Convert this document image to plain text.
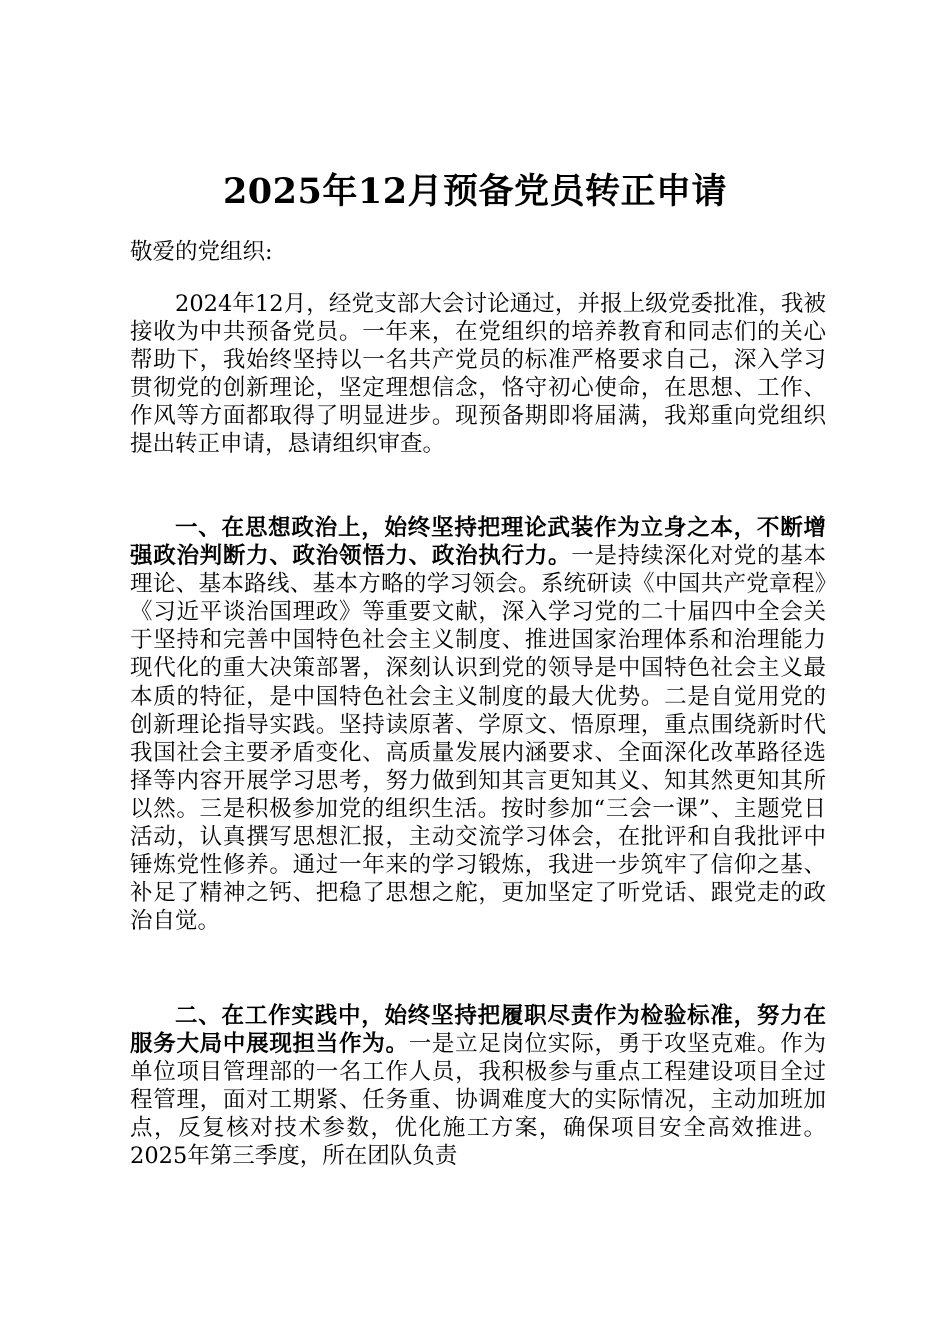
2025年12月预备党员转正申请
敬爱的党组织:

2024年12月，经党支部大会讨论通过，并报上级党委批准，我被接收为中共预备党员。一年来，在党组织的培养教育和同志们的关心帮助下，我始终坚持以一名共产党员的标准严格要求自己，深入学习贯彻党的创新理论，坚定理想信念，恪守初心使命，在思想、工作、作风等方面都取得了明显进步。现预备期即将届满，我郑重向党组织提出转正申请，恳请组织审查。

一、在思想政治上，始终坚持把理论武装作为立身之本，不断增强政治判断力、政治领悟力、政治执行力。一是持续深化对党的基本理论、基本路线、基本方略的学习领会。系统研读《中国共产党章程》《习近平谈治国理政》等重要文献，深入学习党的二十届四中全会关于坚持和完善中国特色社会主义制度、推进国家治理体系和治理能力现代化的重大决策部署，深刻认识到党的领导是中国特色社会主义最本质的特征，是中国特色社会主义制度的最大优势。二是自觉用党的创新理论指导实践。坚持读原著、学原文、悟原理，重点围绕新时代我国社会主要矛盾变化、高质量发展内涵要求、全面深化改革路径选择等内容开展学习思考，努力做到知其言更知其义、知其然更知其所以然。三是积极参加党的组织生活。按时参加“三会一课”、主题党日活动，认真撰写思想汇报，主动交流学习体会，在批评和自我批评中锤炼党性修养。通过一年来的学习锻炼，我进一步筑牢了信仰之基、补足了精神之钙、把稳了思想之舵，更加坚定了听党话、跟党走的政治自觉。

二、在工作实践中，始终坚持把履职尽责作为检验标准，努力在服务大局中展现担当作为。一是立足岗位实际，勇于攻坚克难。作为单位项目管理部的一名工作人员，我积极参与重点工程建设项目全过程管理，面对工期紧、任务重、协调难度大的实际情况，主动加班加点，反复核对技术参数，优化施工方案，确保项目安全高效推进。2025年第三季度，所在团队负责
